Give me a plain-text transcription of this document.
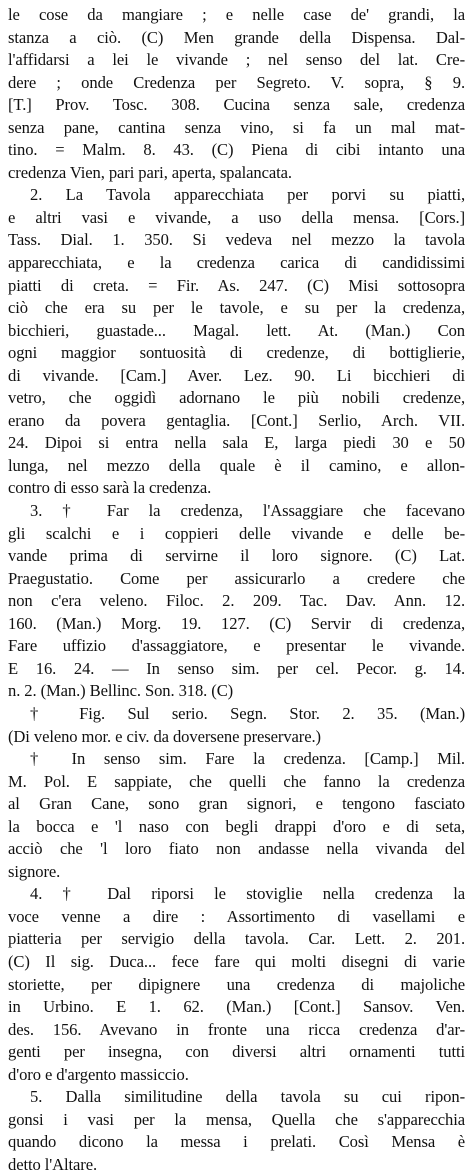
le cose da mangiare ; e nelle case de' grandi, la
stanza a ciò. (C) Men grande della Dispensa. Dal-
l'affidarsi a lei le vivande ; nel senso del lat. Cre-
dere ; onde Credenza per Segreto. V. sopra, § 9.
[T.] Prov. Tosc. 308. Cucina senza sale, credenza
senza pane, cantina senza vino, si fa un mal mat-
tino. = Malm. 8. 43. (C) Piena di cibi intanto una
credenza Vien, pari pari, aperta, spalancata.
2. La Tavola apparecchiata per porvi su piatti,
e altri vasi e vivande, a uso della mensa. [Cors.]
Tass. Dial. 1. 350. Si vedeva nel mezzo la tavola
apparecchiata, e la credenza carica di candidissimi
piatti di creta. = Fir. As. 247. (C) Misi sottosopra
ciò che era su per le tavole, e su per la credenza,
bicchieri, guastade... Magal. lett. At. (Man.) Con
ogni maggior sontuosità di credenze, di bottiglierie,
di vivande. [Cam.] Aver. Lez. 90. Li bicchieri di
vetro, che oggidì adornano le più nobili credenze,
erano da povera gentaglia. [Cont.] Serlio, Arch. VII.
24. Dipoi si entra nella sala E, larga piedi 30 e 50
lunga, nel mezzo della quale è il camino, e allon-
contro di esso sarà la credenza.
3. † Far la credenza, l'Assaggiare che facevano
gli scalchi e i coppieri delle vivande e delle be-
vande prima di servirne il loro signore. (C) Lat.
Praegustatio. Come per assicurarlo a credere che
non c'era veleno. Filoc. 2. 209. Tac. Dav. Ann. 12.
160. (Man.) Morg. 19. 127. (C) Servir di credenza,
Fare uffizio d'assaggiatore, e presentar le vivande.
E 16. 24. — In senso sim. per cel. Pecor. g. 14.
n. 2. (Man.) Bellinc. Son. 318. (C)
† Fig. Sul serio. Segn. Stor. 2. 35. (Man.)
(Di veleno mor. e civ. da doversene preservare.)
† In senso sim. Fare la credenza. [Camp.] Mil.
M. Pol. E sappiate, che quelli che fanno la credenza
al Gran Cane, sono gran signori, e tengono fasciato
la bocca e 'l naso con begli drappi d'oro e di seta,
acciò che 'l loro fiato non andasse nella vivanda del
signore.
4. † Dal riporsi le stoviglie nella credenza la
voce venne a dire : Assortimento di vasellami e
piatteria per servigio della tavola. Car. Lett. 2. 201.
(C) Il sig. Duca... fece fare qui molti disegni di varie
storiette, per dipignere una credenza di majoliche
in Urbino. E 1. 62. (Man.) [Cont.] Sansov. Ven.
des. 156. Avevano in fronte una ricca credenza d'ar-
genti per insegna, con diversi altri ornamenti tutti
d'oro e d'argento massiccio.
5. Dalla similitudine della tavola su cui ripon-
gonsi i vasi per la mensa, Quella che s'apparecchia
quando dicono la messa i prelati. Così Mensa è
detto l'Altare.
